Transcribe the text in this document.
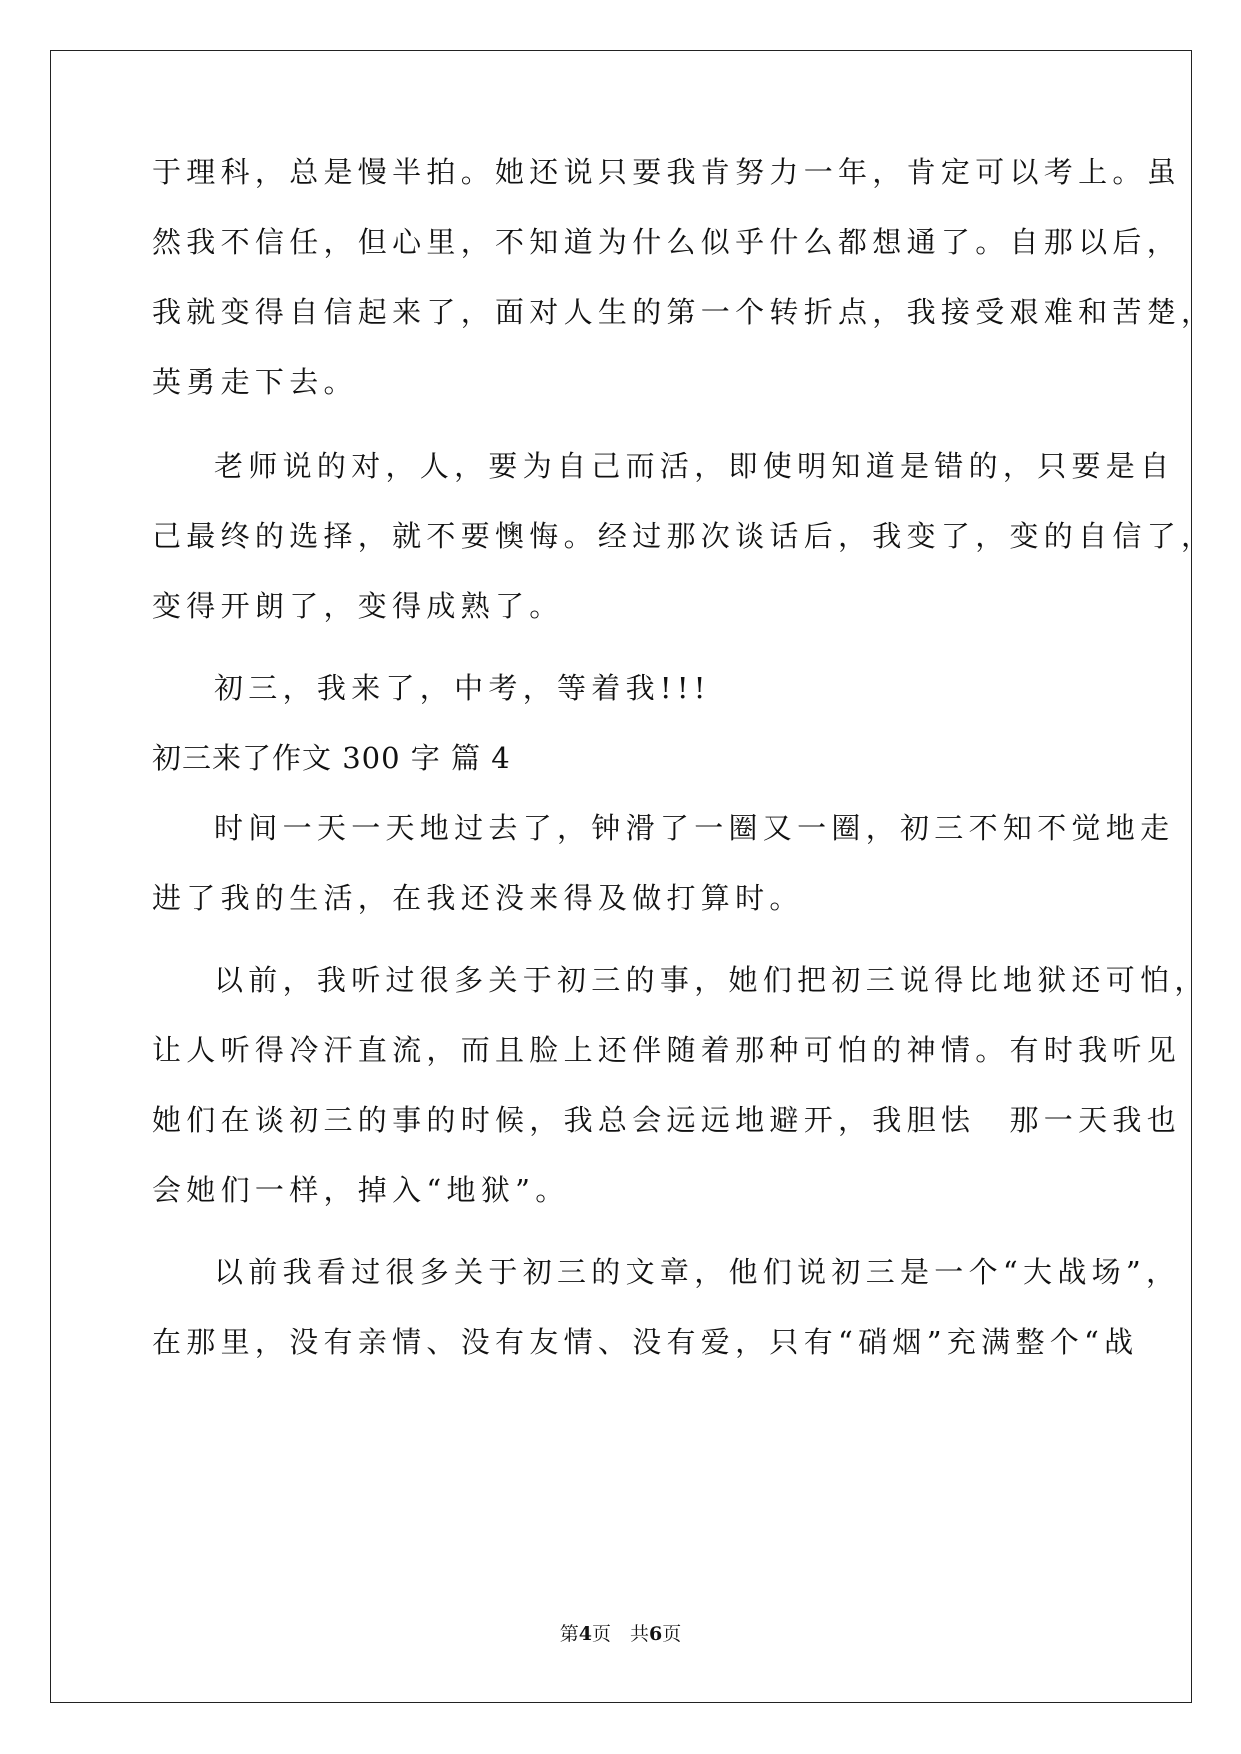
于理科，总是慢半拍。她还说只要我肯努力一年，肯定可以考上。虽
然我不信任，但心里，不知道为什么似乎什么都想通了。自那以后，
我就变得自信起来了，面对人生的第一个转折点，我接受艰难和苦楚，
英勇走下去。
老师说的对，人，要为自己而活，即使明知道是错的，只要是自
己最终的选择，就不要懊悔。经过那次谈话后，我变了，变的自信了，
变得开朗了，变得成熟了。
初三，我来了，中考，等着我!!!
初三来了作文 300 字 篇 4
时间一天一天地过去了，钟滑了一圈又一圈，初三不知不觉地走
进了我的生活，在我还没来得及做打算时。
以前，我听过很多关于初三的事，她们把初三说得比地狱还可怕，
让人听得冷汗直流，而且脸上还伴随着那种可怕的神情。有时我听见
她们在谈初三的事的时候，我总会远远地避开，我胆怯　那一天我也
会她们一样，掉入“地狱”。
以前我看过很多关于初三的文章，他们说初三是一个“大战场”，
在那里，没有亲情、没有友情、没有爱，只有“硝烟”充满整个“战
第4页　共6页
